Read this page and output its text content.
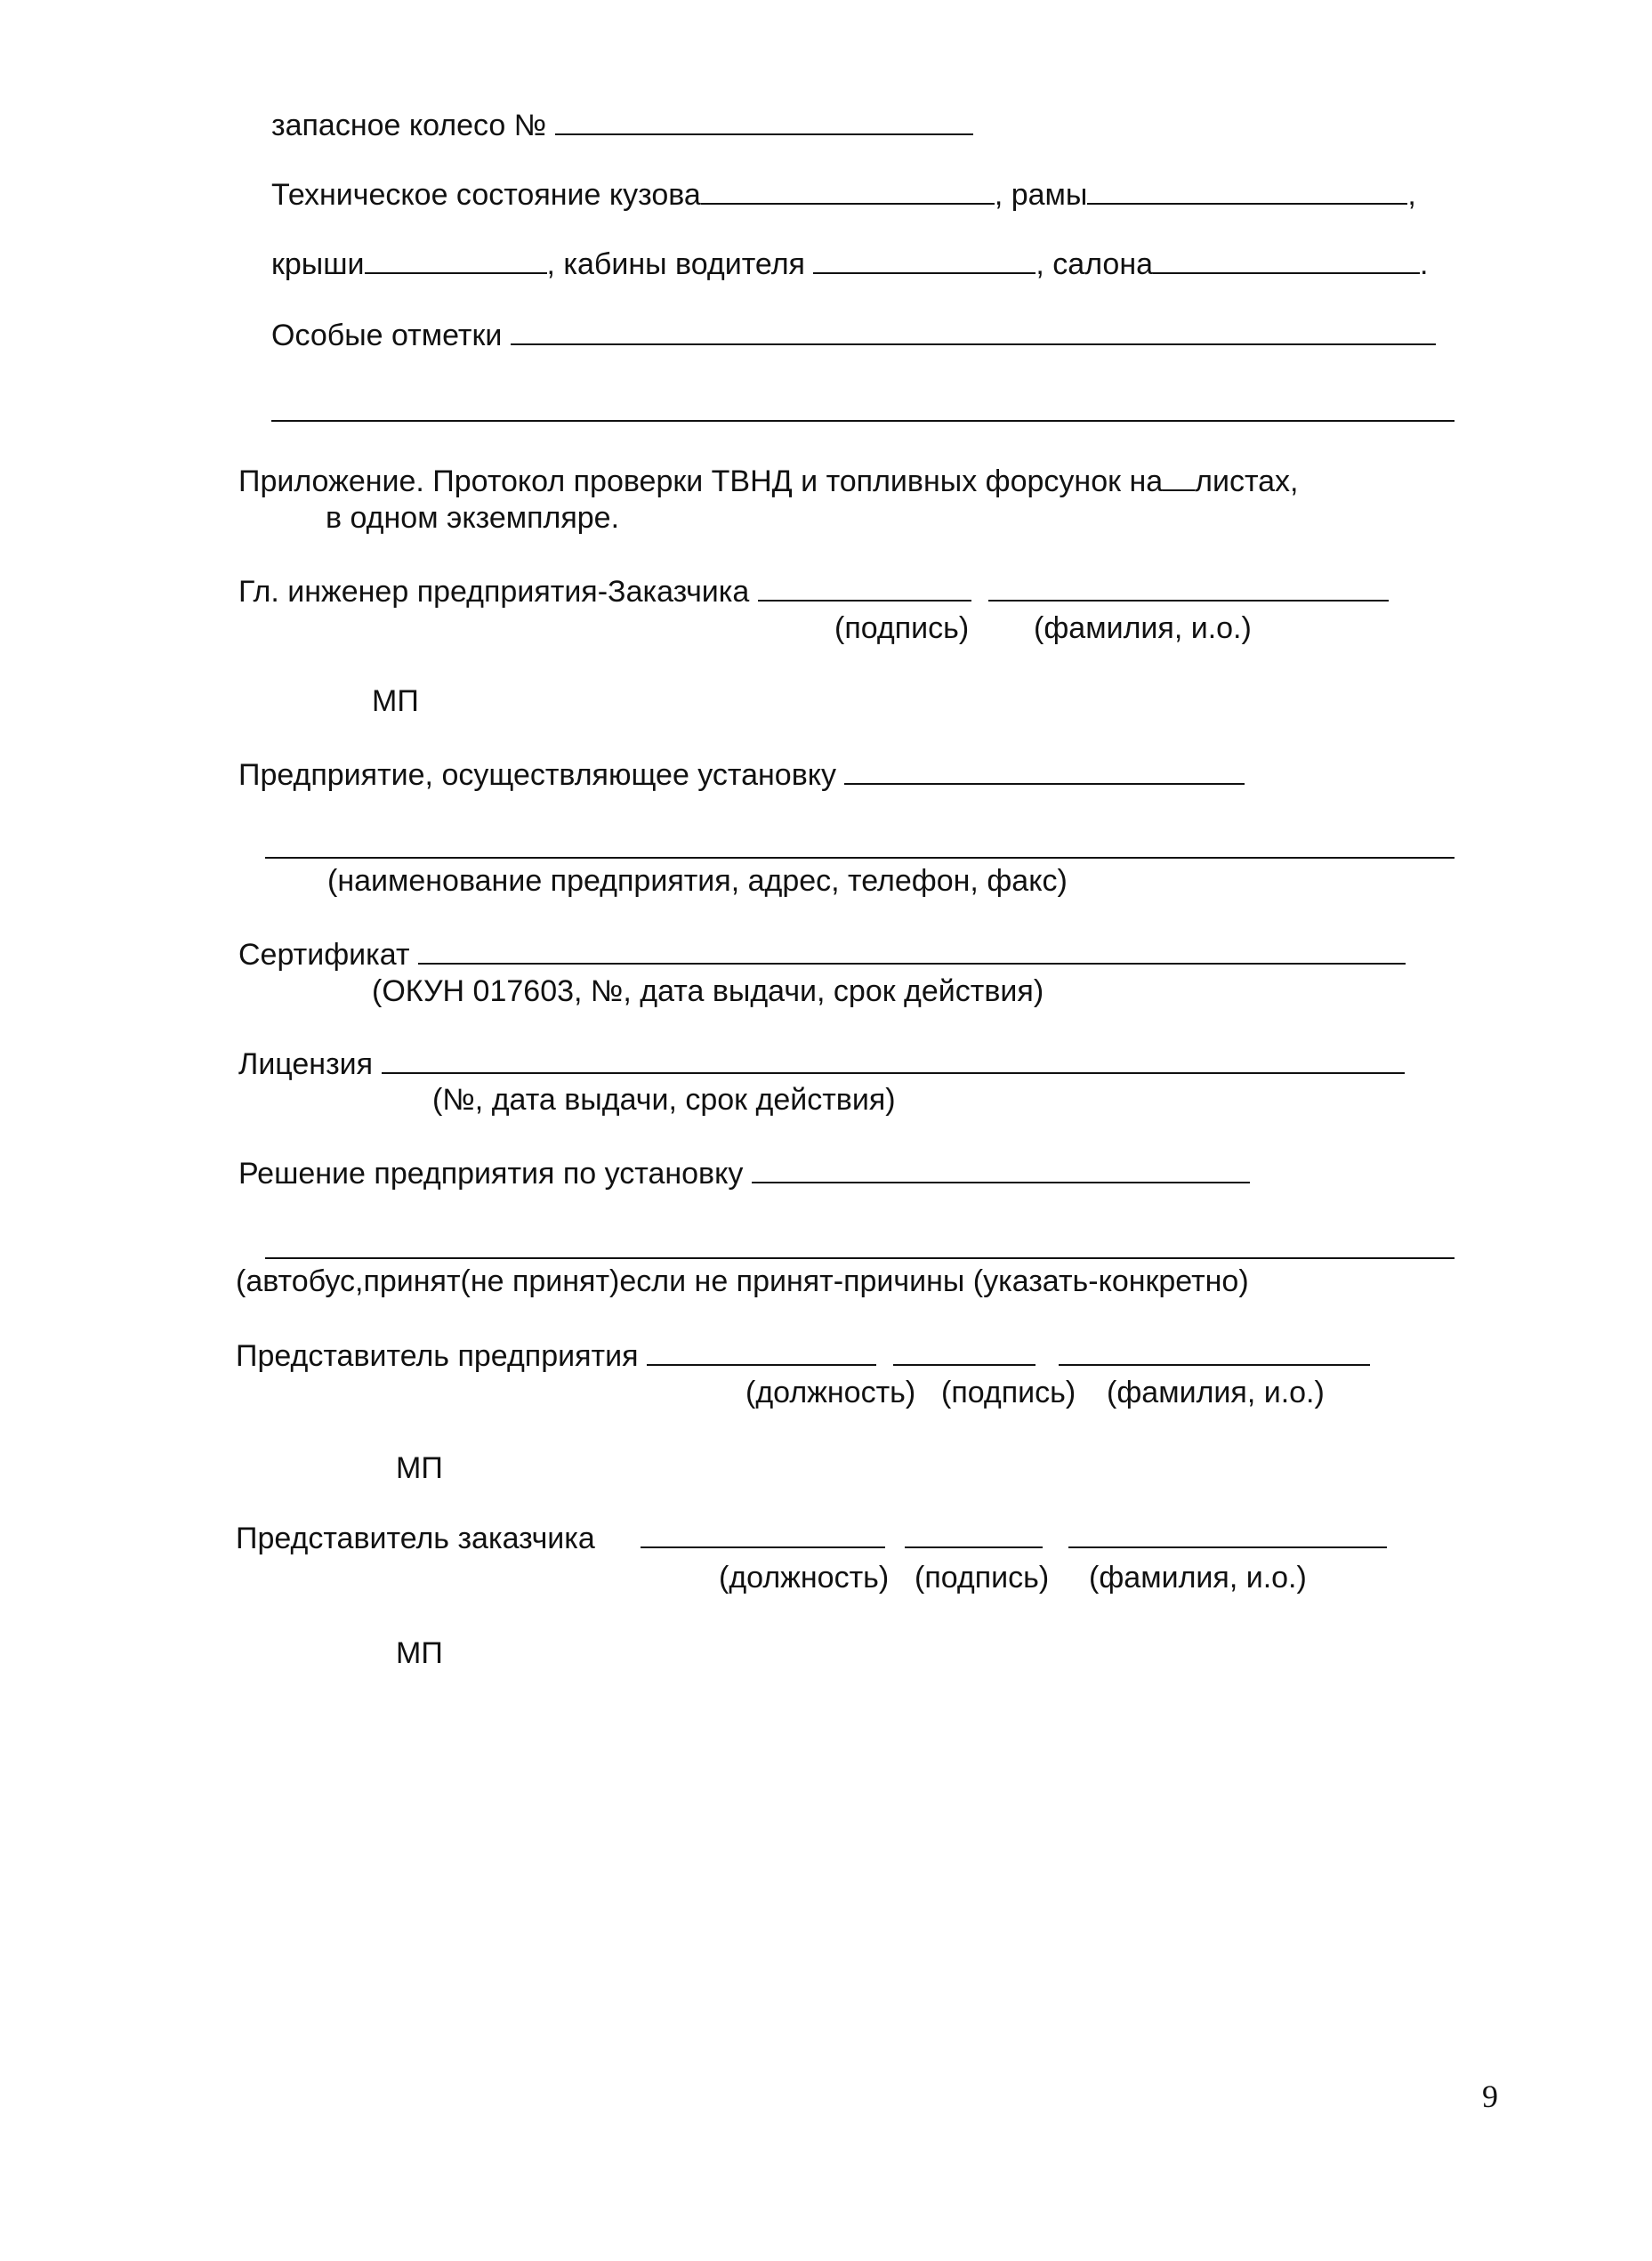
запасное колесо №
Техническое состояние кузова	, рамы	,
крыши	, кабины водителя	, салона	.
Особые отметки
Приложение. Протокол проверки ТВНД и топливных форсунок на листах,
в одном экземпляре.
Гл. инженер предприятия-Заказчика
(подпись) (фамилия, и.о.)
МП
Предприятие, осуществляющее установку
(наименование предприятия, адрес, телефон, факс)
Сертификат
(ОКУН 017603, №, дата выдачи, срок действия)
Лицензия
(№, дата выдачи, срок действия)
Решение предприятия по установку
(автобус,принят(не принят)если не принят-причины (указать-конкретно)
Представитель предприятия
(должность) (подпись) (фамилия, и.о.)
МП
Представитель заказчика
(должность) (подпись) (фамилия, и.о.)
МП
9
